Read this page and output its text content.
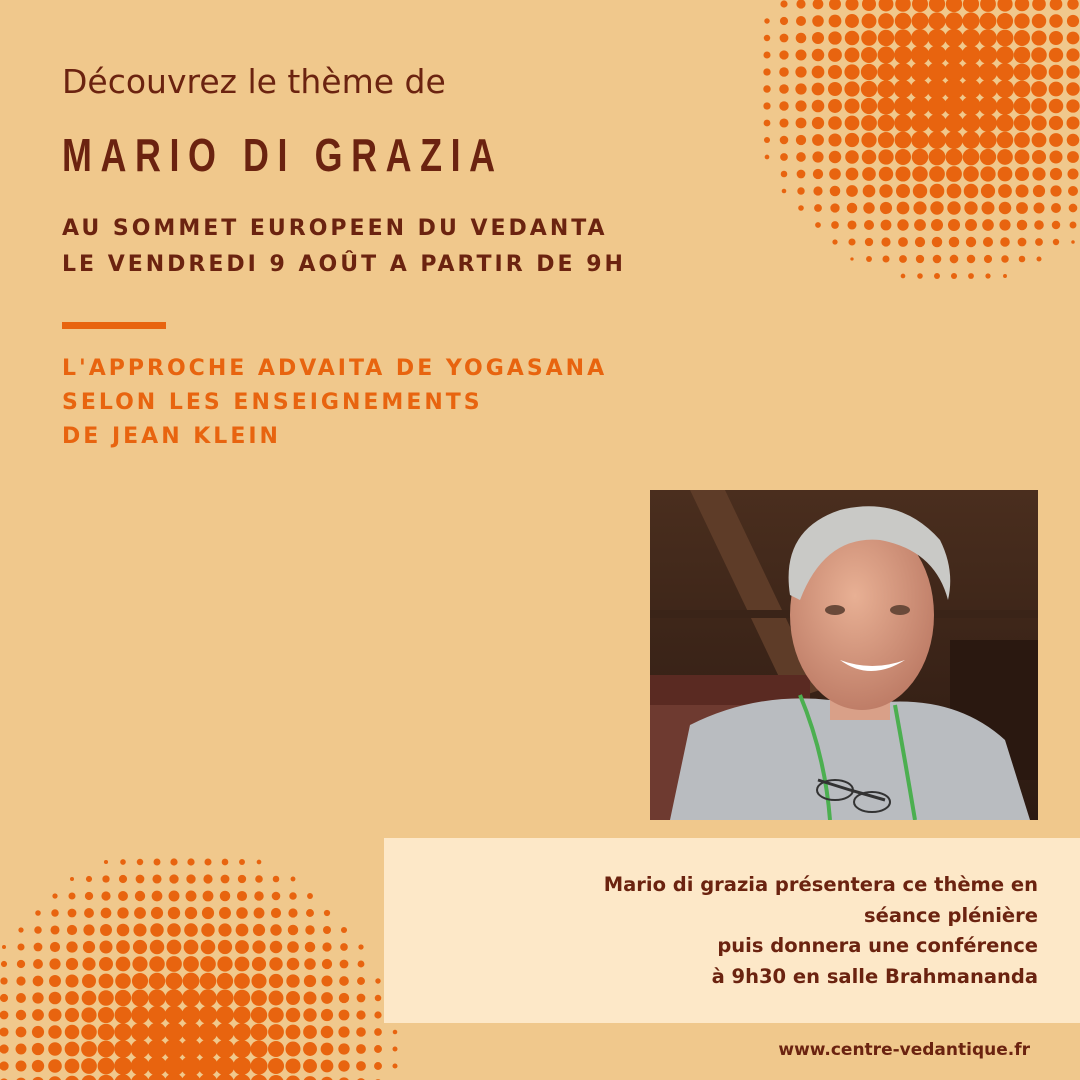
Découvrez le thème de
MARIO DI GRAZIA
AU SOMMET EUROPEEN DU VEDANTA
LE VENDREDI 9 AOÛT A PARTIR DE 9H
L'APPROCHE ADVAITA DE YOGASANA
SELON LES ENSEIGNEMENTS
DE JEAN KLEIN
Mario di grazia présentera ce thème en
séance plénière
puis donnera une conférence
à 9h30 en salle Brahmananda
www.centre-vedantique.fr
